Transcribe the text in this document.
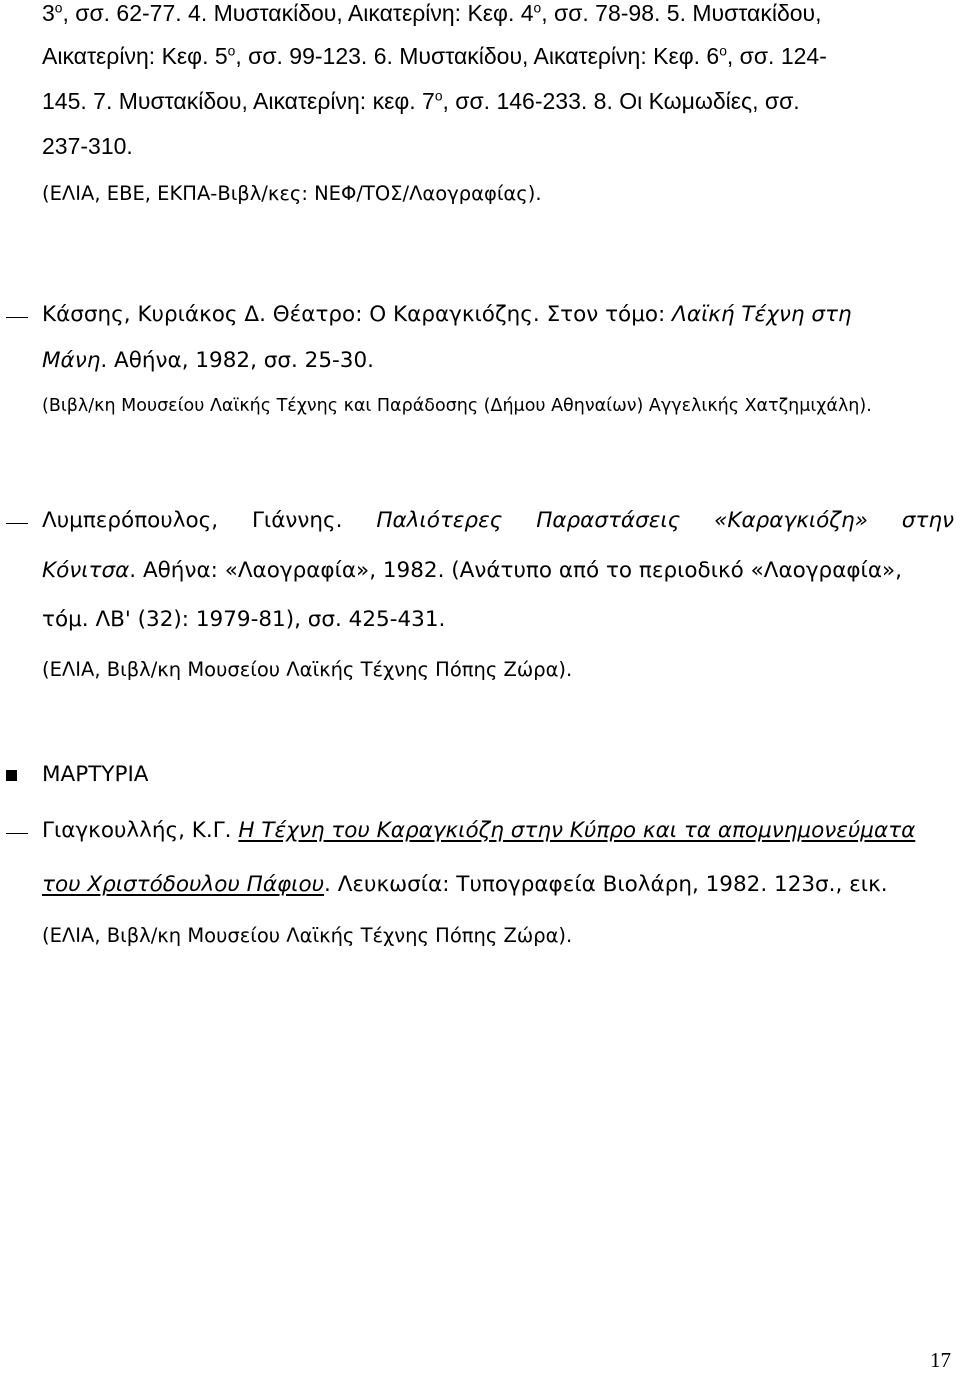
$3^o$, σσ. 62-77. 4. Μυστακίδου, Αικατερίνη: Κεφ. $4^o$, σσ. 78-98. 5. Μυστακίδου,
Αικατερίνη: Κεφ. $5^o$, σσ. 99-123. 6. Μυστακίδου, Αικατερίνη: Κεφ. $6^o$, σσ. 124-
145. 7. Μυστακίδου, Αικατερίνη: κεφ. $7^o$, σσ. 146-233. 8. Οι Κωμωδίες, σσ.
237-310.
(ΕΛΙΑ, ΕΒΕ, ΕΚΠΑ-Βιβλ/κες: ΝΕΦ/ΤΟΣ/Λαογραφίας).
Κάσσης, Κυριάκος Δ. Θέατρο: Ο Καραγκιόζης. Στον τόμο: Λαϊκή Τέχνη στη
Μάνη. Αθήνα, 1982, σσ. 25-30.
(Βιβλ/κη Μουσείου Λαϊκής Τέχνης και Παράδοσης (Δήμου Αθηναίων) Αγγελικής Χατζημιχάλη).
Λυμπερόπουλος, Γιάννης. Παλιότερες Παραστάσεις «Καραγκιόζη» στην
Κόνιτσα. Αθήνα: «Λαογραφία», 1982. (Ανάτυπο από το περιοδικό «Λαογραφία»,
τόμ. ΛΒ' (32): 1979-81), σσ. 425-431.
(ΕΛΙΑ, Βιβλ/κη Μουσείου Λαϊκής Τέχνης Πόπης Ζώρα).
ΜΑΡΤΥΡΙΑ
Γιαγκουλλής, Κ.Γ. Η Τέχνη του Καραγκιόζη στην Κύπρο και τα απομνημονεύματα
του Χριστόδουλου Πάφιου. Λευκωσία: Τυπογραφεία Βιολάρη, 1982. 123σ., εικ.
(ΕΛΙΑ, Βιβλ/κη Μουσείου Λαϊκής Τέχνης Πόπης Ζώρα).
17
